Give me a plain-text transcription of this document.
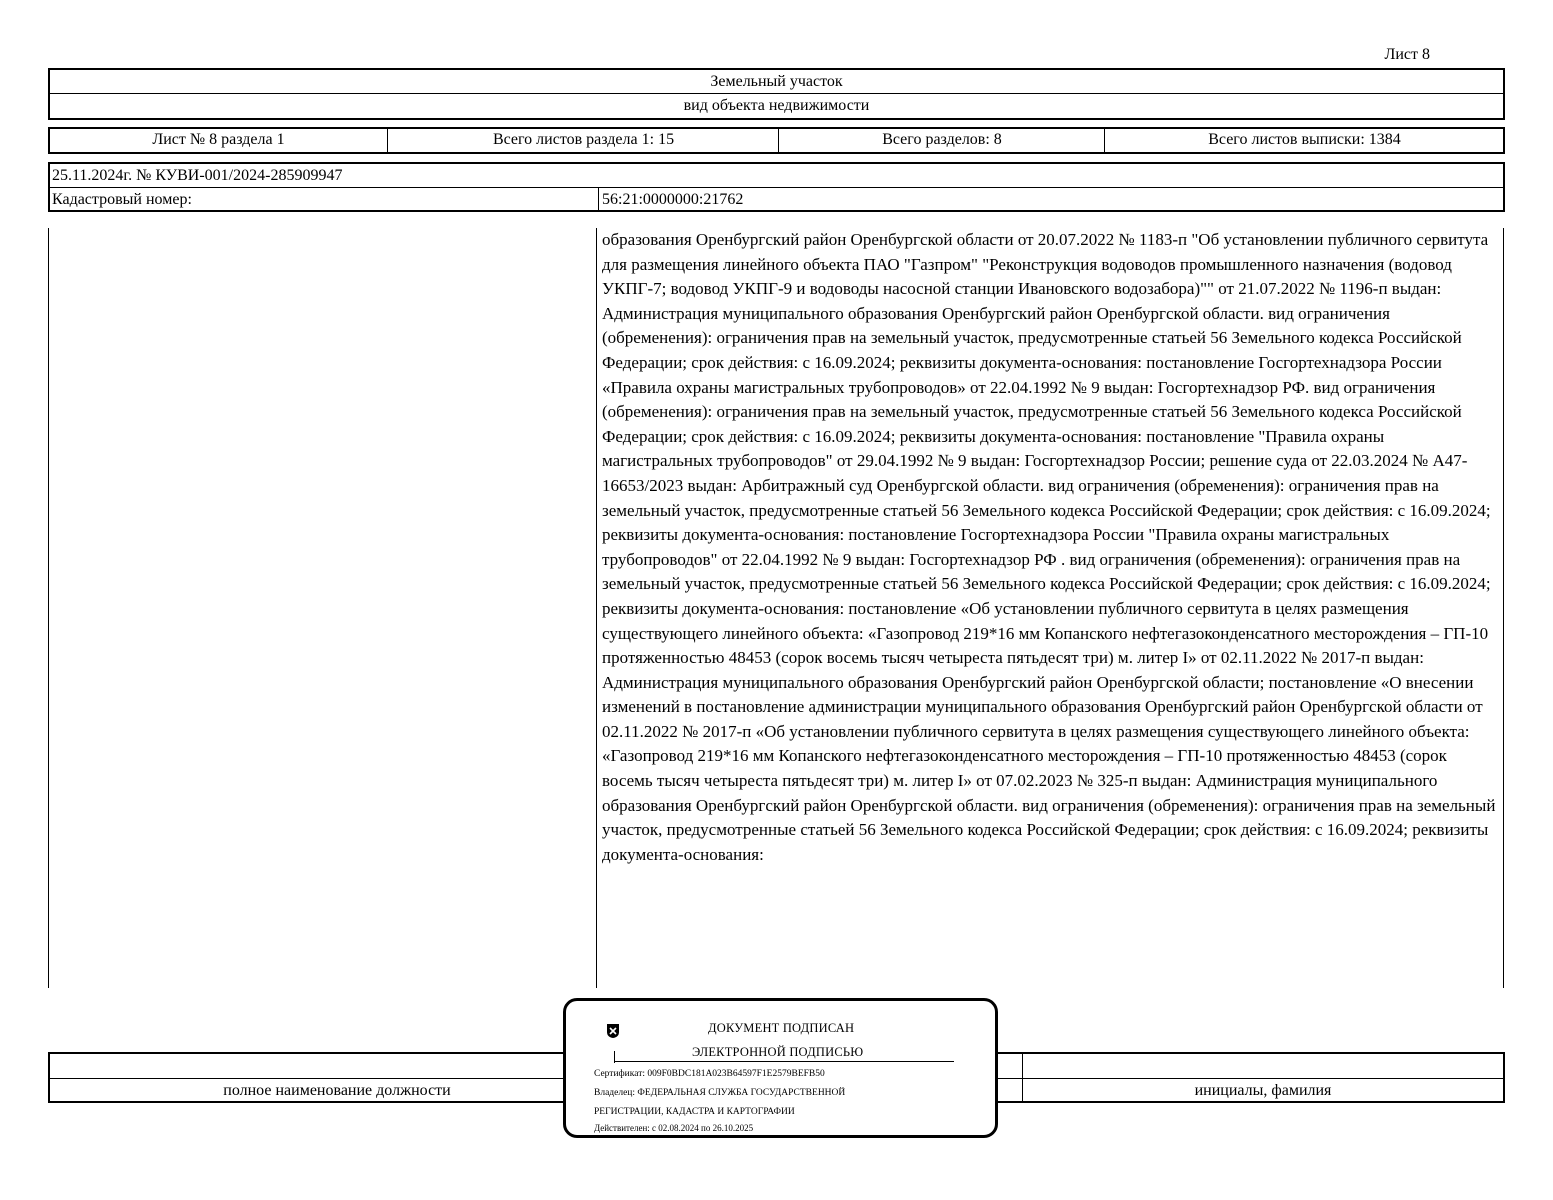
Лист 8
Земельный участок
вид объекта недвижимости
Лист № 8 раздела 1	Всего листов раздела 1: 15	Всего разделов: 8	Всего листов выписки: 1384
25.11.2024г. № КУВИ-001/2024-285909947
Кадастровый номер:	56:21:0000000:21762
образования Оренбургский район Оренбургской области от 20.07.2022 № 1183-п "Об установлении публичного сервитута для размещения линейного объекта ПАО "Газпром" "Реконструкция водоводов промышленного назначения (водовод УКПГ-7; водовод УКПГ-9 и водоводы насосной станции Ивановского водозабора)"" от 21.07.2022 № 1196-п выдан: Администрация муниципального образования Оренбургский район Оренбургской области. вид ограничения (обременения): ограничения прав на земельный участок, предусмотренные статьей 56 Земельного кодекса Российской Федерации; срок действия: с 16.09.2024; реквизиты документа-основания: постановление Госгортехнадзора России «Правила охраны магистральных трубопроводов» от 22.04.1992 № 9 выдан: Госгортехнадзор РФ. вид ограничения (обременения): ограничения прав на земельный участок, предусмотренные статьей 56 Земельного кодекса Российской Федерации; срок действия: с 16.09.2024; реквизиты документа-основания: постановление "Правила охраны магистральных трубопроводов" от 29.04.1992 № 9 выдан: Госгортехнадзор России; решение суда от 22.03.2024 № А47-16653/2023 выдан: Арбитражный суд Оренбургской области. вид ограничения (обременения): ограничения прав на земельный участок, предусмотренные статьей 56 Земельного кодекса Российской Федерации; срок действия: с 16.09.2024; реквизиты документа-основания: постановление Госгортехнадзора России "Правила охраны магистральных трубопроводов" от 22.04.1992 № 9 выдан: Госгортехнадзор РФ . вид ограничения (обременения): ограничения прав на земельный участок, предусмотренные статьей 56 Земельного кодекса Российской Федерации; срок действия: с 16.09.2024; реквизиты документа-основания: постановление «Об установлении публичного сервитута в целях размещения существующего линейного объекта: «Газопровод 219*16 мм Копанского нефтегазоконденсатного месторождения – ГП-10 протяженностью 48453 (сорок восемь тысяч четыреста пятьдесят три) м. литер I» от 02.11.2022 № 2017-п выдан: Администрация муниципального образования Оренбургский район Оренбургской области; постановление «О внесении изменений в постановление администрации муниципального образования Оренбургский район Оренбургской области от 02.11.2022 № 2017-п «Об установлении публичного сервитута в целях размещения существующего линейного объекта: «Газопровод 219*16 мм Копанского нефтегазоконденсатного месторождения – ГП-10 протяженностью 48453 (сорок восемь тысяч четыреста пятьдесят три) м. литер I» от 07.02.2023 № 325-п выдан: Администрация муниципального образования Оренбургский район Оренбургской области. вид ограничения (обременения): ограничения прав на земельный участок, предусмотренные статьей 56 Земельного кодекса Российской Федерации; срок действия: с 16.09.2024; реквизиты документа-основания:
полное наименование должности	инициалы, фамилия
ДОКУМЕНТ ПОДПИСАН
ЭЛЕКТРОННОЙ ПОДПИСЬЮ
Сертификат: 009F0BDC181A023B64597F1E2579BEFB50
Владелец: ФЕДЕРАЛЬНАЯ СЛУЖБА ГОСУДАРСТВЕННОЙ
РЕГИСТРАЦИИ, КАДАСТРА И КАРТОГРАФИИ
Действителен: с 02.08.2024 по 26.10.2025
